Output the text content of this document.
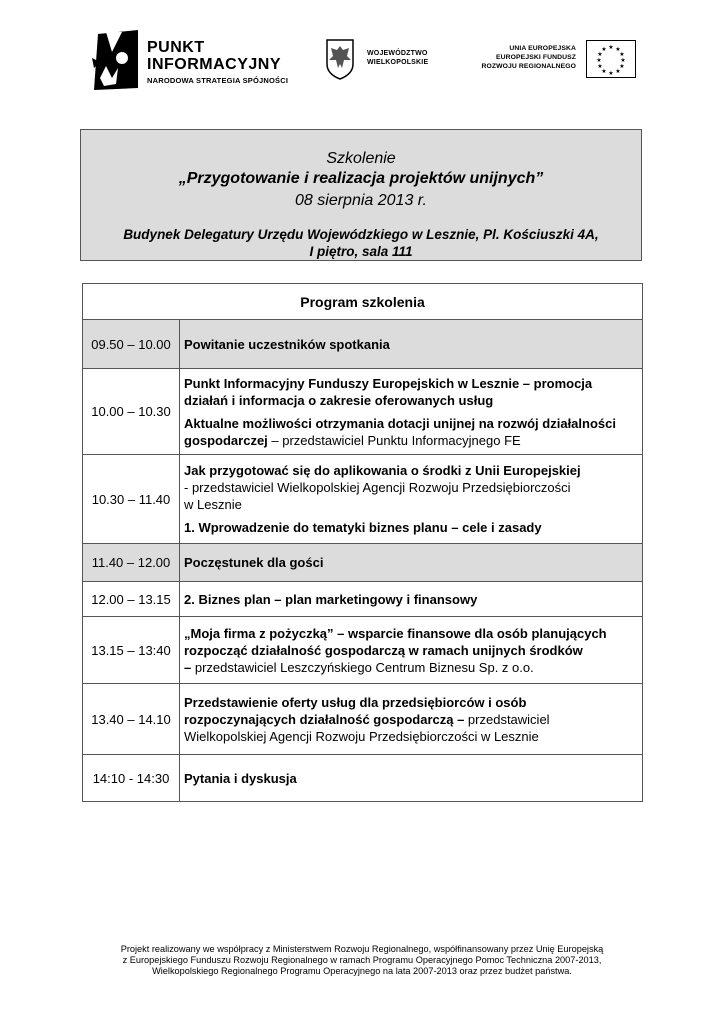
PUNKT
INFORMACYJNY
NARODOWA STRATEGIA SPÓJNOŚCI
WOJEWÓDZTWO
WIELKOPOLSKIE
UNIA EUROPEJSKA
EUROPEJSKI FUNDUSZ
ROZWOJU REGIONALNEGO
★ ★
★
★
★
★
★
★
★
★
★
★
Szkolenie
„Przygotowanie i realizacja projektów unijnych”
08 sierpnia 2013 r.
Budynek Delegatury Urzędu Wojewódzkiego w Lesznie, Pl. Kościuszki 4A,
I piętro, sala 111
Program szkolenia	
09.50 – 10.00	Powitanie uczestników spotkania
10.00 – 10.30	Punkt Informacyjny Funduszy Europejskich w Lesznie – promocja
działań i informacja o zakresie oferowanych usług
Aktualne możliwości otrzymania dotacji unijnej na rozwój działalności
gospodarczej – przedstawiciel Punktu Informacyjnego FE

10.30 – 11.40	Jak przygotować się do aplikowania o środki z Unii Europejskiej
- przedstawiciel Wielkopolskiej Agencji Rozwoju Przedsiębiorczości
w Lesznie
1. Wprowadzenie do tematyki biznes planu – cele i zasady

11.40 – 12.00	Poczęstunek dla gości
12.00 – 13.15	2. Biznes plan – plan marketingowy i finansowy
13.15 – 13:40	„Moja firma z pożyczką” – wsparcie finansowe dla osób planujących
rozpocząć działalność gospodarczą w ramach unijnych środków
– przedstawiciel Leszczyńskiego Centrum Biznesu Sp. z o.o.

13.40 – 14.10	Przedstawienie oferty usług dla przedsiębiorców i osób
rozpoczynających działalność gospodarczą – przedstawiciel
Wielkopolskiej Agencji Rozwoju Przedsiębiorczości w Lesznie

14:10 - 14:30	Pytania i dyskusja
Projekt realizowany we współpracy z Ministerstwem Rozwoju Regionalnego, współfinansowany przez Unię Europejską
z Europejskiego Funduszu Rozwoju Regionalnego w ramach Programu Operacyjnego Pomoc Techniczna 2007-2013,
Wielkopolskiego Regionalnego Programu Operacyjnego na lata 2007-2013 oraz przez budżet państwa.
